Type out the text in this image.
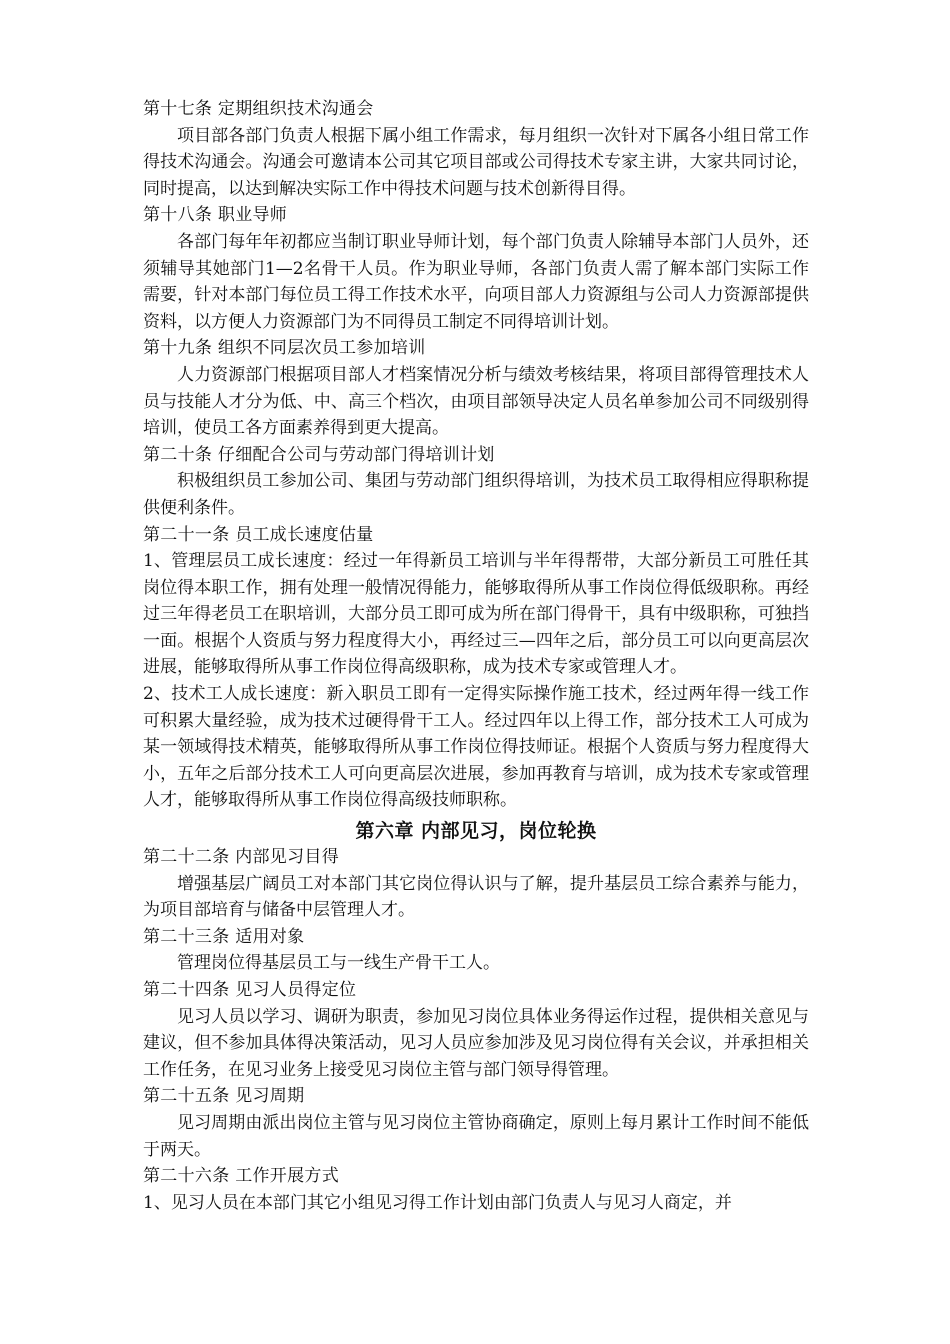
第十七条 定期组织技术沟通会

项目部各部门负责人根据下属小组工作需求，每月组织一次针对下属各小组日常工作得技术沟通会。沟通会可邀请本公司其它项目部或公司得技术专家主讲，大家共同讨论，同时提高，以达到解决实际工作中得技术问题与技术创新得目得。

第十八条 职业导师

各部门每年年初都应当制订职业导师计划，每个部门负责人除辅导本部门人员外，还须辅导其她部门1—2名骨干人员。作为职业导师，各部门负责人需了解本部门实际工作需要，针对本部门每位员工得工作技术水平，向项目部人力资源组与公司人力资源部提供资料，以方便人力资源部门为不同得员工制定不同得培训计划。

第十九条 组织不同层次员工参加培训

人力资源部门根据项目部人才档案情况分析与绩效考核结果，将项目部得管理技术人员与技能人才分为低、中、高三个档次，由项目部领导决定人员名单参加公司不同级别得培训，使员工各方面素养得到更大提高。

第二十条 仔细配合公司与劳动部门得培训计划

积极组织员工参加公司、集团与劳动部门组织得培训，为技术员工取得相应得职称提供便利条件。

第二十一条 员工成长速度估量

1、管理层员工成长速度：经过一年得新员工培训与半年得帮带，大部分新员工可胜任其岗位得本职工作，拥有处理一般情况得能力，能够取得所从事工作岗位得低级职称。再经过三年得老员工在职培训，大部分员工即可成为所在部门得骨干，具有中级职称，可独挡一面。根据个人资质与努力程度得大小，再经过三—四年之后，部分员工可以向更高层次进展，能够取得所从事工作岗位得高级职称，成为技术专家或管理人才。

2、技术工人成长速度：新入职员工即有一定得实际操作施工技术，经过两年得一线工作可积累大量经验，成为技术过硬得骨干工人。经过四年以上得工作，部分技术工人可成为某一领域得技术精英，能够取得所从事工作岗位得技师证。根据个人资质与努力程度得大小，五年之后部分技术工人可向更高层次进展，参加再教育与培训，成为技术专家或管理人才，能够取得所从事工作岗位得高级技师职称。

第六章 内部见习，岗位轮换
第二十二条 内部见习目得

增强基层广阔员工对本部门其它岗位得认识与了解，提升基层员工综合素养与能力，为项目部培育与储备中层管理人才。

第二十三条 适用对象

管理岗位得基层员工与一线生产骨干工人。

第二十四条 见习人员得定位

见习人员以学习、调研为职责，参加见习岗位具体业务得运作过程，提供相关意见与建议，但不参加具体得决策活动，见习人员应参加涉及见习岗位得有关会议，并承担相关工作任务，在见习业务上接受见习岗位主管与部门领导得管理。

第二十五条 见习周期

见习周期由派出岗位主管与见习岗位主管协商确定，原则上每月累计工作时间不能低于两天。

第二十六条 工作开展方式

1、见习人员在本部门其它小组见习得工作计划由部门负责人与见习人商定，并
